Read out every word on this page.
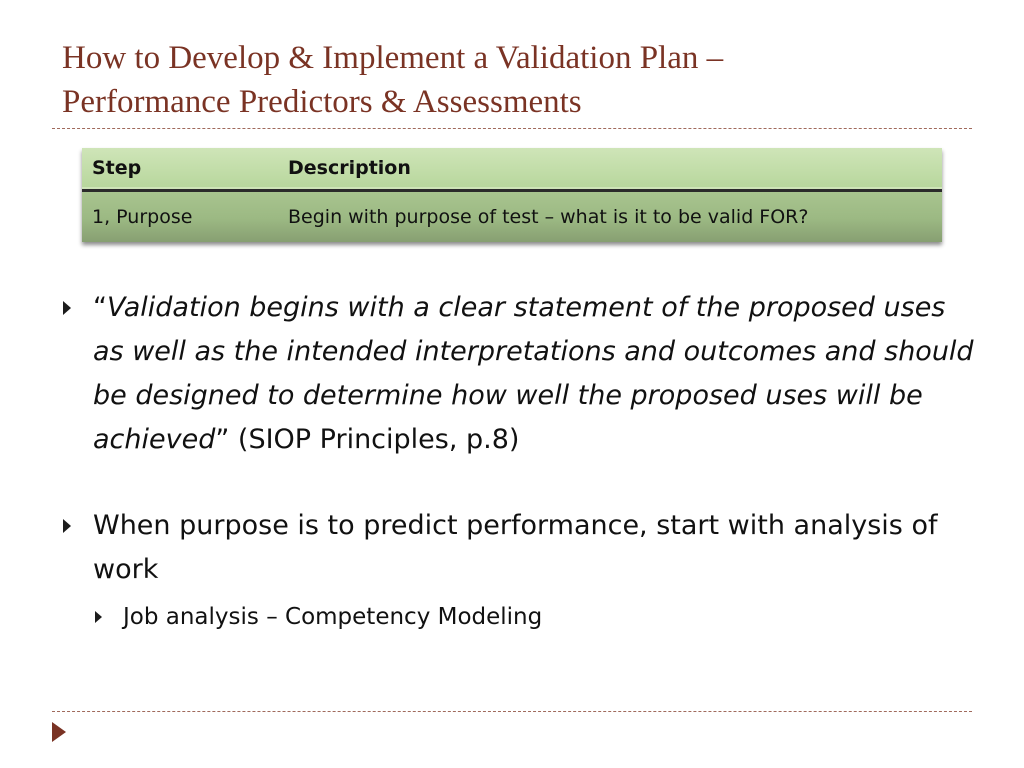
How to Develop & Implement a Validation Plan –
Performance Predictors & Assessments
Step	Description
1, Purpose	Begin with purpose of test – what is it to be valid FOR?
“Validation begins with a clear statement of the proposed uses as well as the intended interpretations and outcomes and should be designed to determine how well the proposed uses will be achieved” (SIOP Principles, p.8)
When purpose is to predict performance, start with analysis of work
Job analysis – Competency Modeling
